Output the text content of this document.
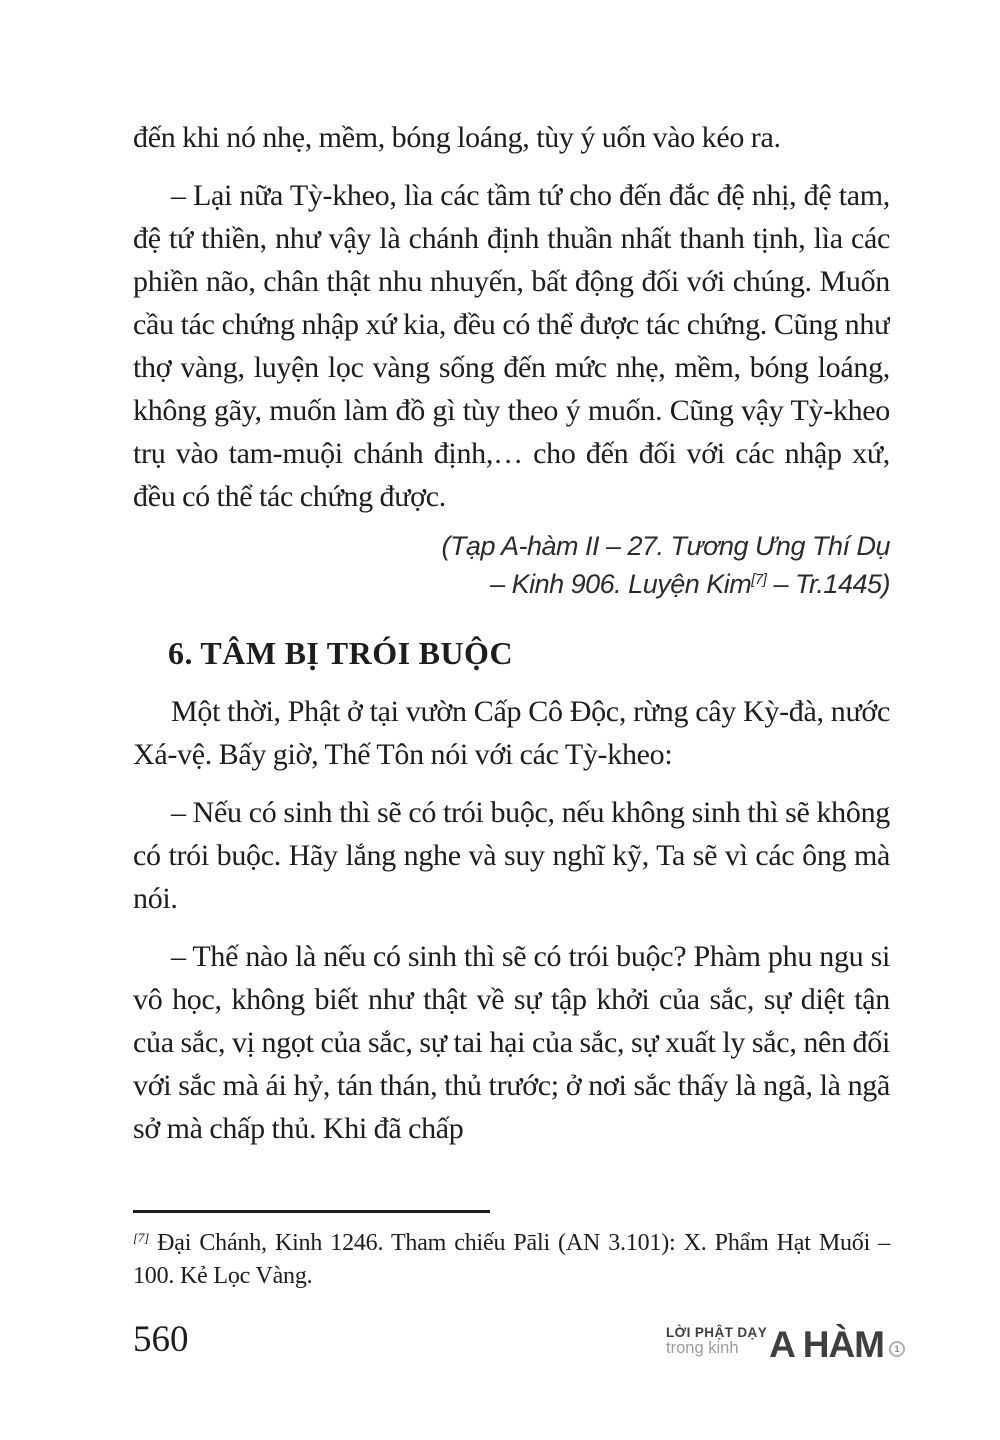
đến khi nó nhẹ, mềm, bóng loáng, tùy ý uốn vào kéo ra.

– Lại nữa Tỳ-kheo, lìa các tầm tứ cho đến đắc đệ nhị, đệ tam, đệ tứ thiền, như vậy là chánh định thuần nhất thanh tịnh, lìa các phiền não, chân thật nhu nhuyến, bất động đối với chúng. Muốn cầu tác chứng nhập xứ kia, đều có thể được tác chứng. Cũng như thợ vàng, luyện lọc vàng sống đến mức nhẹ, mềm, bóng loáng, không gãy, muốn làm đồ gì tùy theo ý muốn. Cũng vậy Tỳ-kheo trụ vào tam-muội chánh định,… cho đến đối với các nhập xứ, đều có thể tác chứng được.

(Tạp A-hàm II – 27. Tương Ưng Thí Dụ
– Kinh 906. Luyện Kim[7] – Tr.1445)
6. TÂM BỊ TRÓI BUỘC

Một thời, Phật ở tại vườn Cấp Cô Độc, rừng cây Kỳ-đà, nước Xá-vệ. Bấy giờ, Thế Tôn nói với các Tỳ-kheo:

– Nếu có sinh thì sẽ có trói buộc, nếu không sinh thì sẽ không có trói buộc. Hãy lắng nghe và suy nghĩ kỹ, Ta sẽ vì các ông mà nói.

– Thế nào là nếu có sinh thì sẽ có trói buộc? Phàm phu ngu si vô học, không biết như thật về sự tập khởi của sắc, sự diệt tận của sắc, vị ngọt của sắc, sự tai hại của sắc, sự xuất ly sắc, nên đối với sắc mà ái hỷ, tán thán, thủ trước; ở nơi sắc thấy là ngã, là ngã sở mà chấp thủ. Khi đã chấp

[7] Đại Chánh, Kinh 1246. Tham chiếu Pāli (AN 3.101): X. Phẩm Hạt Muối – 100. Kẻ Lọc Vàng.

560	LỜI PHẬT DẠY
trong kinh A HÀM	1
